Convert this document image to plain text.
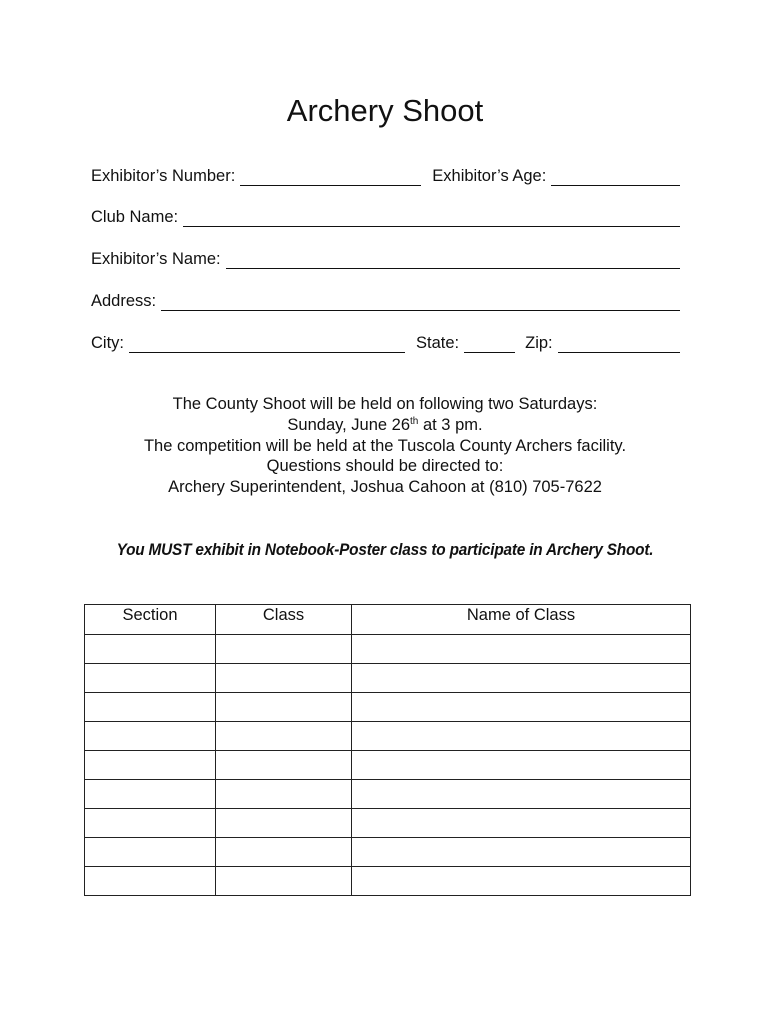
Archery Shoot
Exhibitor’s Number:	Exhibitor’s Age:
Club Name:
Exhibitor’s Name:
Address:
City:	State:	Zip:
The County Shoot will be held on following two Saturdays:
Sunday, June 26th at 3 pm.
The competition will be held at the Tuscola County Archers facility.
Questions should be directed to:
Archery Superintendent, Joshua Cahoon at (810) 705-7622
You MUST exhibit in Notebook-Poster class to participate in Archery Shoot.
Section	Class	Name of Class
